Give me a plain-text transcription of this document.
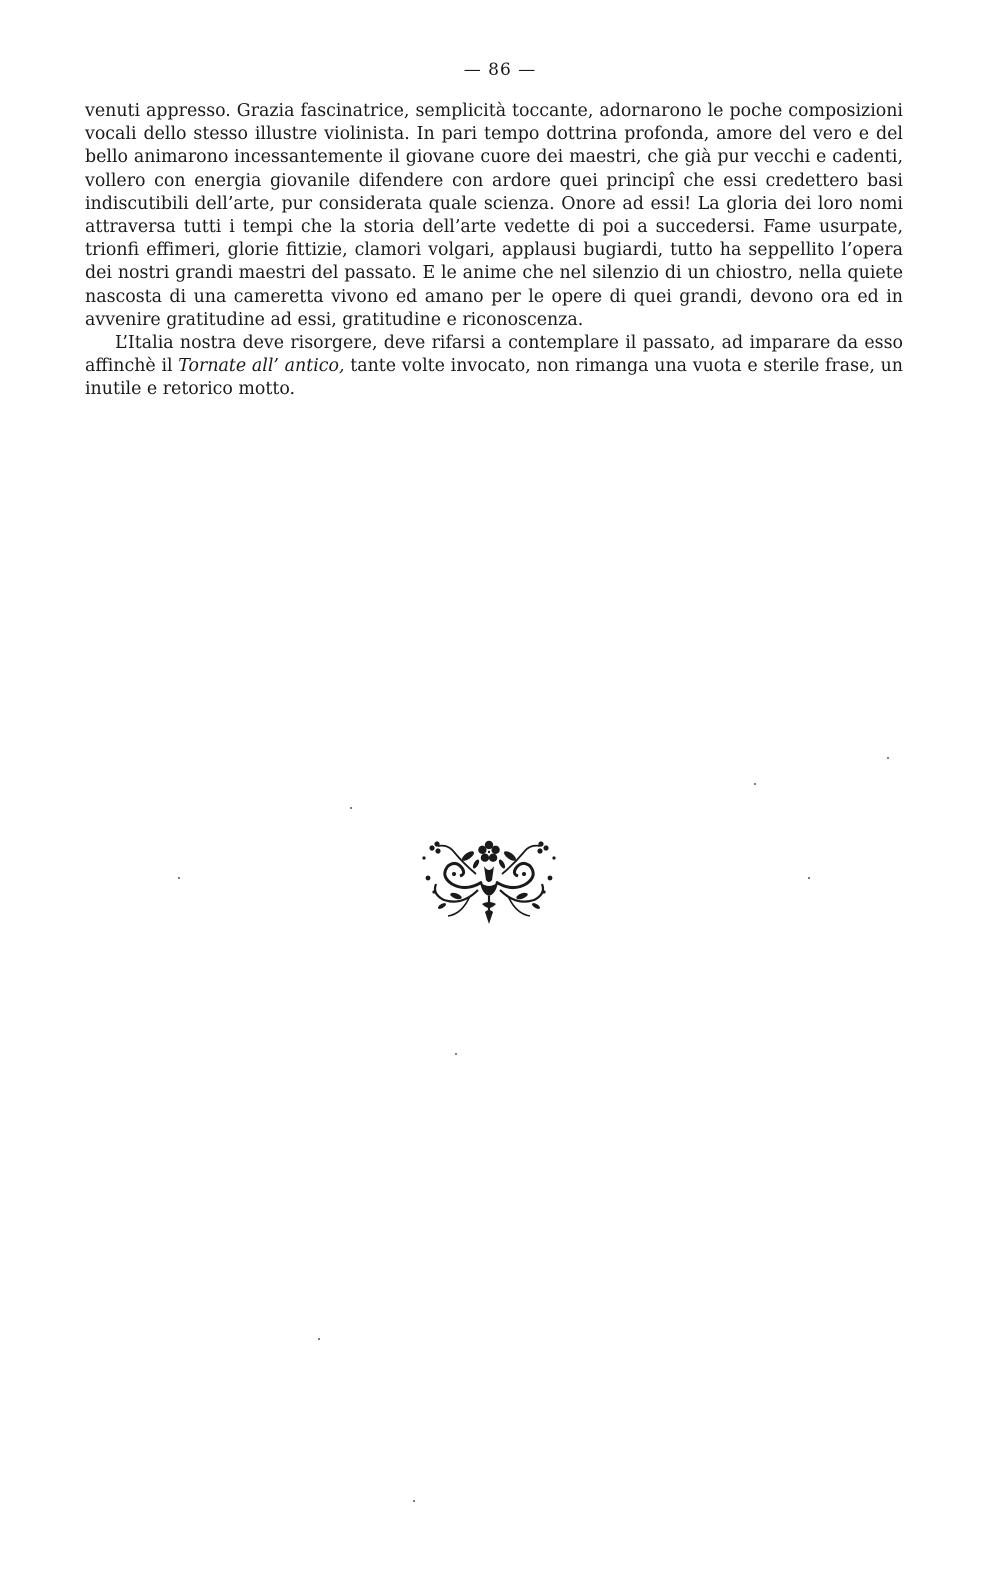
— 86 —

venuti appresso. Grazia fascinatrice, semplicità toccante, adornarono le poche composizioni vocali dello stesso illustre violinista. In pari tempo dottrina profonda, amore del vero e del bello animarono incessantemente il giovane cuore dei maestri, che già pur vecchi e cadenti, vollero con energia giovanile difendere con ardore quei principî che essi credettero basi indiscutibili dell’arte, pur considerata quale scienza. Onore ad essi! La gloria dei loro nomi attraversa tutti i tempi che la storia dell’arte vedette di poi a succedersi. Fame usurpate, trionfi effimeri, glorie fittizie, clamori volgari, applausi bugiardi, tutto ha seppellito l’opera dei nostri grandi maestri del passato. E le anime che nel silenzio di un chiostro, nella quiete nascosta di una cameretta vivono ed amano per le opere di quei grandi, devono ora ed in avvenire gratitudine ad essi, gratitudine e riconoscenza.

L’Italia nostra deve risorgere, deve rifarsi a contemplare il passato, ad imparare da esso affinchè il Tornate all’ antico, tante volte invocato, non rimanga una vuota e sterile frase, un inutile e retorico motto.
